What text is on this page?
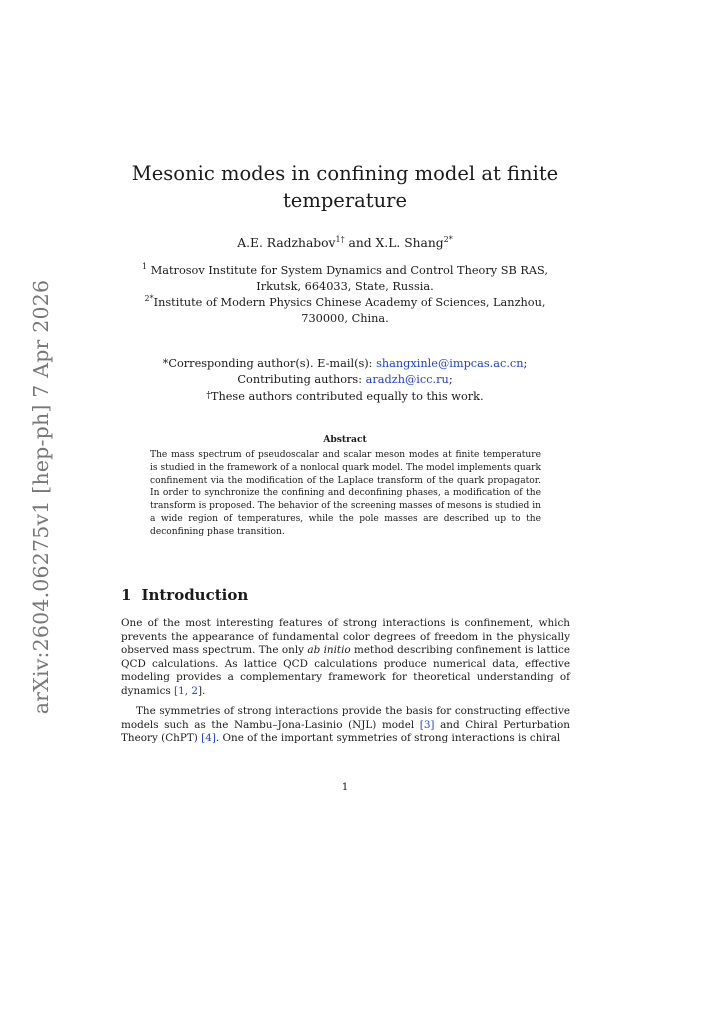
arXiv:2604.06275v1 [hep-ph] 7 Apr 2026
Mesonic modes in confining model at finite temperature
A.E. Radzhabov$^{1\dagger}$ and X.L. Shang$^{2*}$
$^1$ Matrosov Institute for System Dynamics and Control Theory SB RAS,
Irkutsk, 664033, State, Russia.
$^{2*}$Institute of Modern Physics Chinese Academy of Sciences, Lanzhou,
730000, China.
*Corresponding author(s). E-mail(s): shangxinle@impcas.ac.cn;
Contributing authors: aradzh@icc.ru;
†These authors contributed equally to this work.
Abstract
The mass spectrum of pseudoscalar and scalar meson modes at finite temperature is studied in the framework of a nonlocal quark model. The model implements quark confinement via the modification of the Laplace transform of the quark propagator. In order to synchronize the confining and deconfining phases, a modification of the transform is proposed. The behavior of the screening masses of mesons is studied in a wide region of temperatures, while the pole masses are described up to the deconfining phase transition.
1 Introduction
One of the most interesting features of strong interactions is confinement, which prevents the appearance of fundamental color degrees of freedom in the physically observed mass spectrum. The only ab initio method describing confinement is lattice QCD calculations. As lattice QCD calculations produce numerical data, effective modeling provides a complementary framework for theoretical understanding of dynamics [1, 2].
The symmetries of strong interactions provide the basis for constructing effective models such as the Nambu–Jona-Lasinio (NJL) model [3] and Chiral Perturbation Theory (ChPT) [4]. One of the important symmetries of strong interactions is chiral
1
